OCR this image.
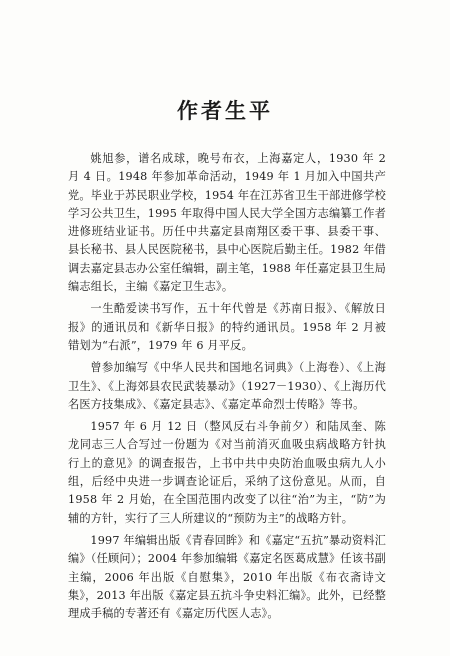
作者生平

姚旭参，谱名成球，晚号布衣，上海嘉定人，1930 年 2 月 4 日。1948 年参加革命活动，1949 年 1 月加入中国共产党。毕业于苏民职业学校，1954 年在江苏省卫生干部进修学校学习公共卫生，1995 年取得中国人民大学全国方志编纂工作者进修班结业证书。历任中共嘉定县南翔区委干事、县委干事、县长秘书、县人民医院秘书，县中心医院后勤主任。1982 年借调去嘉定县志办公室任编辑，副主笔，1988 年任嘉定县卫生局编志组长，主编《嘉定卫生志》。

一生酷爱读书写作，五十年代曾是《苏南日报》、《解放日报》的通讯员和《新华日报》的特约通讯员。1958 年 2 月被错划为“右派”，1979 年 6 月平反。

曾参加编写《中华人民共和国地名词典》（上海卷）、《上海卫生》、《上海郊县农民武装暴动》（1927－1930）、《上海历代名医方技集成》、《嘉定县志》、《嘉定革命烈士传略》等书。

1957 年 6 月 12 日（整风反右斗争前夕）和陆凤奎、陈龙同志三人合写过一份题为《对当前消灭血吸虫病战略方针执行上的意见》的调查报告，上书中共中央防治血吸虫病九人小组，后经中央进一步调查论证后，采纳了这份意见。从而，自 1958 年 2 月始，在全国范围内改变了以往“治”为主，“防”为辅的方针，实行了三人所建议的“预防为主”的战略方针。

1997 年编辑出版《青春回眸》和《嘉定“五抗”暴动资料汇编》（任顾问）；2004 年参加编辑《嘉定名医葛成慧》任该书副主编，2006 年出版《自慰集》，2010 年出版《布衣斋诗文集》，2013 年出版《嘉定县五抗斗争史料汇编》。此外，已经整理成手稿的专著还有《嘉定历代医人志》。
